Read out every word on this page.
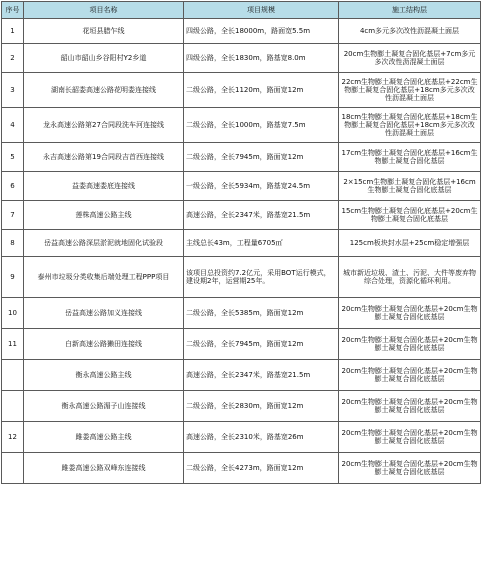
序号	项目名称	项目规模	施工结构层
1	花垣县腊乍线	四级公路，全长18000m，路面宽5.5m	4cm多元多次改性沥混凝土面层
2	韶山市韶山乡谷阳村Y2乡道	四级公路，全长1830m，路基宽8.0m	20cm生物膨土凝复合固化基层+7cm多元多次改性沥混凝土面层
3	湖南长韶娄高速公路花明娄连接线	二级公路，全长1120m，路面宽12m	22cm生物膨土凝复合固化底基层+22cm生物膨土凝复合固化基层+18cm多元多次改性沥混凝土面层
4	龙永高速公路第27合同段洗车河连接线	二级公路，全长1000m，路基宽7.5m	18cm生物膨土凝复合固化底基层+18cm生物膨土凝复合固化基层+18cm多元多次改性沥混凝土面层
5	永吉高速公路第19合同段吉首西连接线	二级公路，全长7945m，路面宽12m	17cm生物膨土凝复合固化底基层+16cm生物膨土凝复合固化基层
6	益娄高速娄底连接线	一级公路，全长5934m，路基宽24.5m	2×15cm生物膨土凝复合固化基层+16cm生物膨土凝复合固化底基层
7	莲株高速公路主线	高速公路，全长2347米，路基宽21.5m	15cm生物膨土凝复合固化底基层+20cm生物膨土凝复合固化底基层
8	岳益高速公路深层淤泥就地固化试验段	主线总长43m，工程量6705㎡	125cm板块封水层+25cm稳定增强层
9	泰州市垃圾分类收集后端处理工程PPP项目	该项目总投资约7.2亿元，采用BOT运行模式，建设期2年，运营期25年。	城市新近垃圾、渣土、污泥、大件等废弃物综合处理，资源化循环利用。
10	岳益高速公路加义连接线	二级公路，全长5385m，路面宽12m	20cm生物膨土凝复合固化基层+20cm生物膨土凝复合固化底基层
11	白新高速公路獭田连接线	二级公路，全长7945m，路面宽12m	20cm生物膨土凝复合固化基层+20cm生物膨土凝复合固化底基层
	衡永高速公路主线	高速公路，全长2347米，路基宽21.5m	20cm生物膨土凝复合固化基层+20cm生物膨土凝复合固化底基层
	衡永高速公路湄子山连接线	二级公路，全长2830m，路面宽12m	20cm生物膨土凝复合固化基层+20cm生物膨土凝复合固化底基层
12	雎娄高速公路主线	高速公路，全长2310米，路基宽26m	20cm生物膨土凝复合固化基层+20cm生物膨土凝复合固化底基层
	雎娄高速公路双峰东连接线	二级公路，全长4273m，路面宽12m	20cm生物膨土凝复合固化基层+20cm生物膨土凝复合固化底基层
